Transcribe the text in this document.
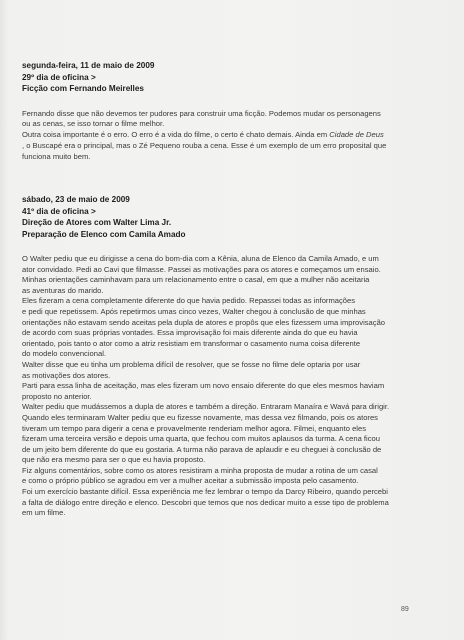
segunda-feira, 11 de maio de 2009

29º dia de oficina >

Ficção com Fernando Meirelles

Fernando disse que não devemos ter pudores para construir uma ficção. Podemos mudar os personagens

ou as cenas, se isso tornar o filme melhor.

Outra coisa importante é o erro. O erro é a vida do filme, o certo é chato demais. Ainda em Cidade de Deus

, o Buscapé era o principal, mas o Zé Pequeno rouba a cena. Esse é um exemplo de um erro proposital que

funciona muito bem.

sábado, 23 de maio de 2009

41º dia de oficina >

Direção de Atores com Walter Lima Jr.

Preparação de Elenco com Camila Amado

O Walter pediu que eu dirigisse a cena do bom-dia com a Kênia, aluna de Elenco da Camila Amado, e um

ator convidado. Pedi ao Cavi que filmasse. Passei as motivações para os atores e começamos um ensaio.

Minhas orientações caminhavam para um relacionamento entre o casal, em que a mulher não aceitaria

as aventuras do marido.

Eles fizeram a cena completamente diferente do que havia pedido. Repassei todas as informações

e pedi que repetissem. Após repetirmos umas cinco vezes, Walter chegou à conclusão de que minhas

orientações não estavam sendo aceitas pela dupla de atores e propôs que eles fizessem uma improvisação

de acordo com suas próprias vontades. Essa improvisação foi mais diferente ainda do que eu havia

orientado, pois tanto o ator como a atriz resistiam em transformar o casamento numa coisa diferente

do modelo convencional.

Walter disse que eu tinha um problema difícil de resolver, que se fosse no filme dele optaria por usar

as motivações dos atores.

Parti para essa linha de aceitação, mas eles fizeram um novo ensaio diferente do que eles mesmos haviam

proposto no anterior.

Walter pediu que mudássemos a dupla de atores e também a direção. Entraram Manaíra e Wavá para dirigir.

Quando eles terminaram Walter pediu que eu fizesse novamente, mas dessa vez filmando, pois os atores

tiveram um tempo para digerir a cena e provavelmente renderiam melhor agora. Filmei, enquanto eles

fizeram uma terceira versão e depois uma quarta, que fechou com muitos aplausos da turma. A cena ficou

de um jeito bem diferente do que eu gostaria. A turma não parava de aplaudir e eu cheguei à conclusão de

que não era mesmo para ser o que eu havia proposto.

Fiz alguns comentários, sobre como os atores resistiram a minha proposta de mudar a rotina de um casal

e como o próprio público se agradou em ver a mulher aceitar a submissão imposta pelo casamento.

Foi um exercício bastante difícil. Essa experiência me fez lembrar o tempo da Darcy Ribeiro, quando percebi

a falta de diálogo entre direção e elenco. Descobri que temos que nos dedicar muito a esse tipo de problema

em um filme.

89
